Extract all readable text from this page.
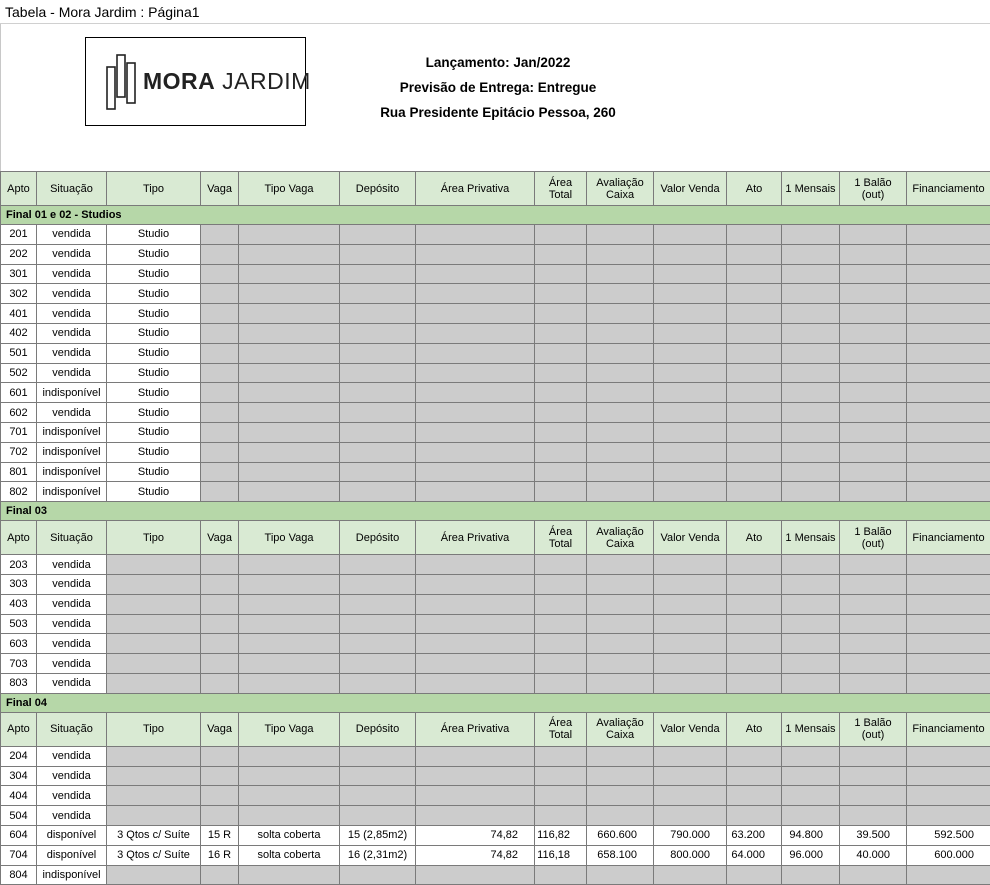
Tabela - Mora Jardim : Página1
MORA JARDIM
Lançamento: Jan/2022
Previsão de Entrega: Entregue
Rua Presidente Epitácio Pessoa, 260
Apto	Situação	Tipo	Vaga	Tipo Vaga	Depósito	Área Privativa	Área Total	Avaliação Caixa	Valor Venda	Ato	1 Mensais	1 Balão (out)	Financiamento
Final 01 e 02 - Studios													
201	vendida	Studio											
202	vendida	Studio											
301	vendida	Studio											
302	vendida	Studio											
401	vendida	Studio											
402	vendida	Studio											
501	vendida	Studio											
502	vendida	Studio											
601	indisponível	Studio											
602	vendida	Studio											
701	indisponível	Studio											
702	indisponível	Studio											
801	indisponível	Studio											
802	indisponível	Studio											
Final 03													
Apto	Situação	Tipo	Vaga	Tipo Vaga	Depósito	Área Privativa	Área Total	Avaliação Caixa	Valor Venda	Ato	1 Mensais	1 Balão (out)	Financiamento
203	vendida												
303	vendida												
403	vendida												
503	vendida												
603	vendida												
703	vendida												
803	vendida												
Final 04													
Apto	Situação	Tipo	Vaga	Tipo Vaga	Depósito	Área Privativa	Área Total	Avaliação Caixa	Valor Venda	Ato	1 Mensais	1 Balão (out)	Financiamento
204	vendida												
304	vendida												
404	vendida												
504	vendida												
604	disponível	3 Qtos c/ Suíte	15 R	solta coberta	15 (2,85m2)	74,82	116,82	660.600	790.000	63.200	94.800	39.500	592.500
704	disponível	3 Qtos c/ Suíte	16 R	solta coberta	16 (2,31m2)	74,82	116,18	658.100	800.000	64.000	96.000	40.000	600.000
804	indisponível												
